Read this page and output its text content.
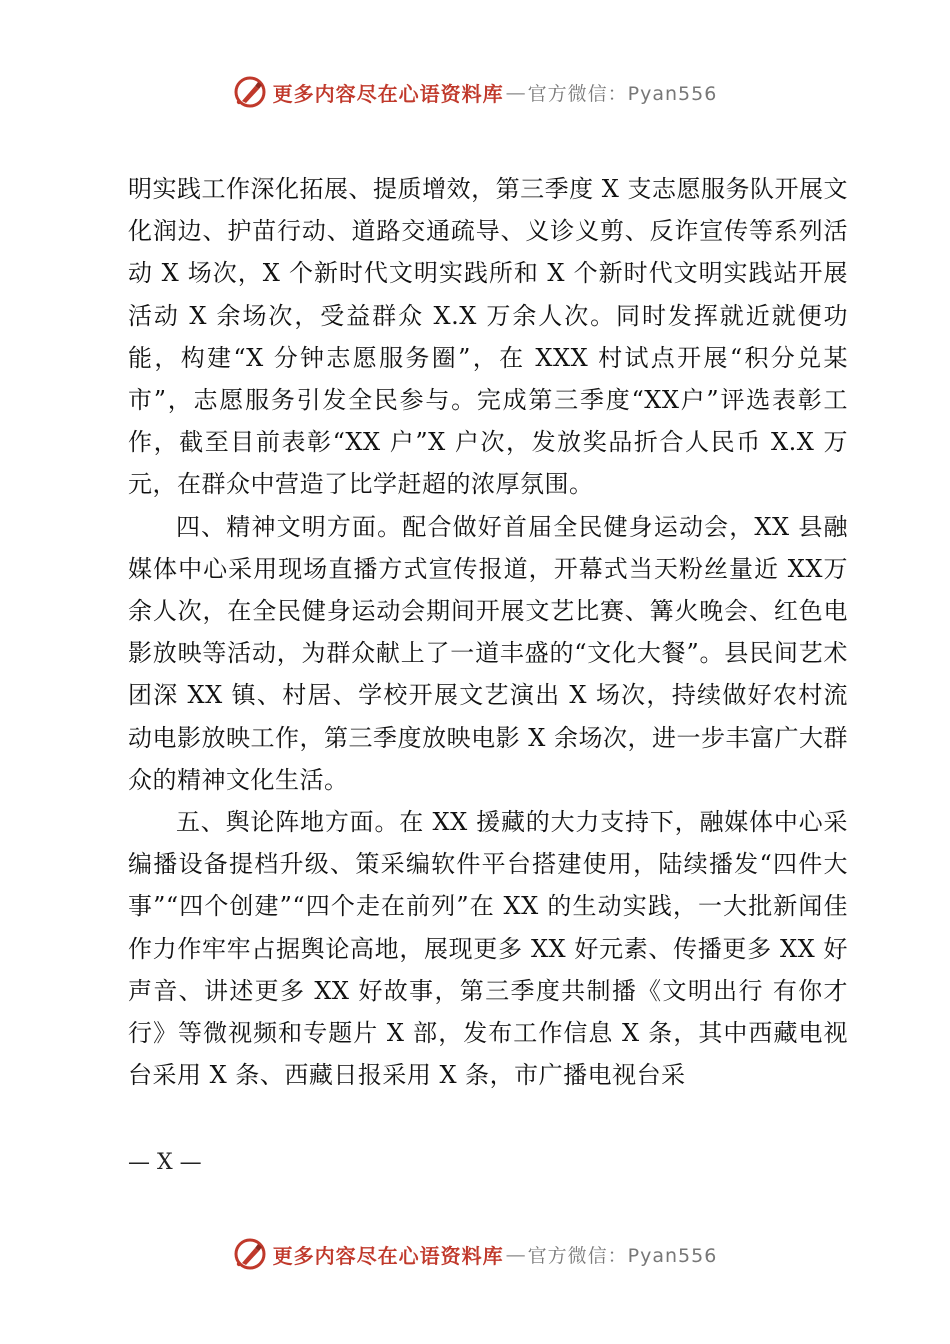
更多内容尽在心语资料库 — 官方微信：Pyan556

明实践工作深化拓展、提质增效，第三季度 X 支志愿服务队开展文化润边、护苗行动、道路交通疏导、义诊义剪、反诈宣传等系列活动 X 场次，X 个新时代文明实践所和 X 个新时代文明实践站开展活动 X 余场次，受益群众 X.X 万余人次。同时发挥就近就便功能，构建“X 分钟志愿服务圈”，在 XXX 村试点开展“积分兑某市”，志愿服务引发全民参与。完成第三季度“XX户”评选表彰工作，截至目前表彰“XX 户”X 户次，发放奖品折合人民币 X.X 万元，在群众中营造了比学赶超的浓厚氛围。

四、精神文明方面。配合做好首届全民健身运动会，XX 县融媒体中心采用现场直播方式宣传报道，开幕式当天粉丝量近 XX万余人次，在全民健身运动会期间开展文艺比赛、篝火晚会、红色电影放映等活动，为群众献上了一道丰盛的“文化大餐”。县民间艺术团深 XX 镇、村居、学校开展文艺演出 X 场次，持续做好农村流动电影放映工作，第三季度放映电影 X 余场次，进一步丰富广大群众的精神文化生活。

五、舆论阵地方面。在 XX 援藏的大力支持下，融媒体中心采编播设备提档升级、策采编软件平台搭建使用，陆续播发“四件大事”“四个创建”“四个走在前列”在 XX 的生动实践，一大批新闻佳作力作牢牢占据舆论高地，展现更多 XX 好元素、传播更多 XX 好声音、讲述更多 XX 好故事，第三季度共制播《文明出行 有你才行》等微视频和专题片 X 部，发布工作信息 X 条，其中西藏电视台采用 X 条、西藏日报采用 X 条，市广播电视台采

— X —
更多内容尽在心语资料库 — 官方微信：Pyan556
